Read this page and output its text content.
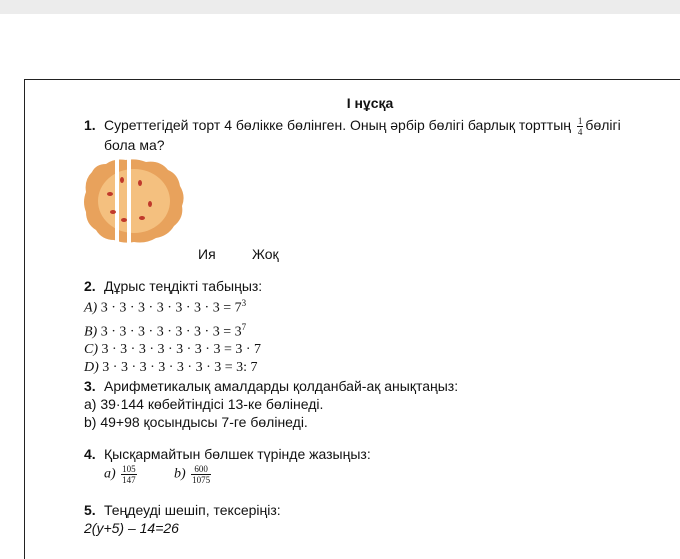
I нұсқа
1. Суреттегідей торт 4 бөлікке бөлінген. Оның әрбір бөлігі барлық торттың $\frac{1}{4}$ бөлігі
бола ма?
Ия	Жоқ
2. Дұрыс теңдікті табыңыз:
A) $3 \cdot 3 \cdot 3 \cdot 3 \cdot 3 \cdot 3 \cdot 3 = 7^3$
B) $3 \cdot 3 \cdot 3 \cdot 3 \cdot 3 \cdot 3 \cdot 3 = 3^7$
C) 3 · 3 · 3 · 3 · 3 · 3 · 3 = 3 · 7
D) 3 · 3 · 3 · 3 · 3 · 3 · 3 = 3: 7
3. Арифметикалық амалдарды қолданбай-ақ анықтаңыз:
a) 39·144 көбейтіндісі 13-ке бөлінеді.
b) 49+98 қосындысы 7-ге бөлінеді.
4. Қысқармайтын бөлшек түрінде жазыңыз:
$a) \frac{105}{147}$	$b) \frac{600}{1075}$
5. Теңдеуді шешіп, тексеріңіз:
2(y+5) – 14=26
